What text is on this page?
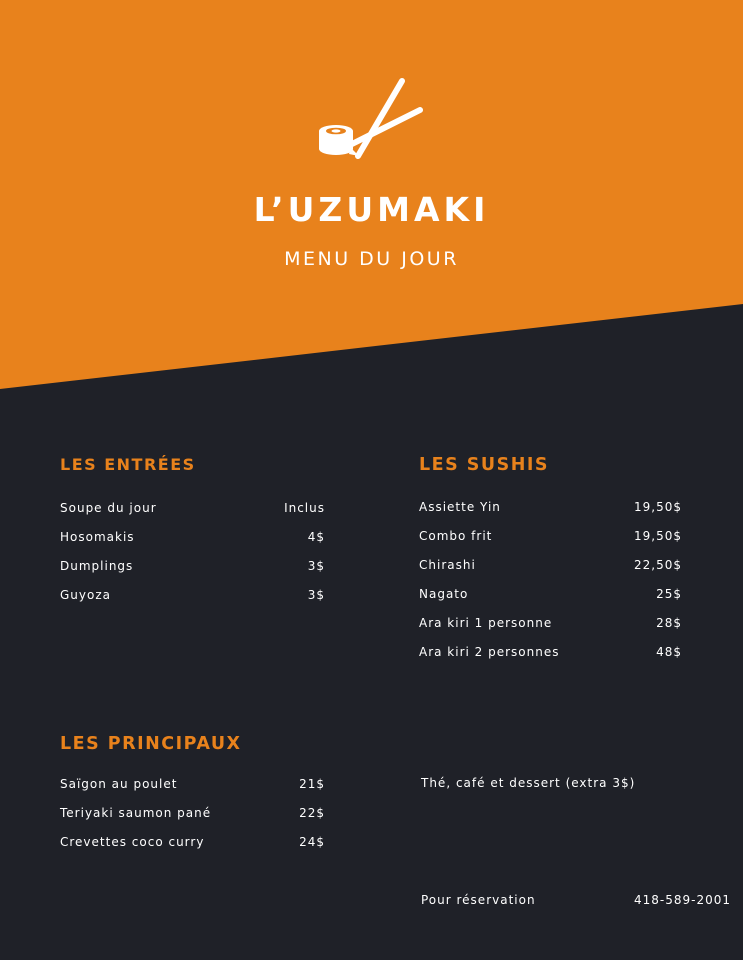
L’UZUMAKI
MENU DU JOUR
LES ENTRÉES
Soupe du jour	Inclus
Hosomakis	4$
Dumplings	3$
Guyoza	3$
LES SUSHIS
Assiette Yin	19,50$
Combo frit	19,50$
Chirashi	22,50$
Nagato	25$
Ara kiri 1 personne	28$
Ara kiri 2 personnes	48$
LES PRINCIPAUX
Saïgon au poulet	21$
Teriyaki saumon pané	22$
Crevettes coco curry	24$
Thé, café et dessert (extra 3$)
Pour réservation	418-589-2001
